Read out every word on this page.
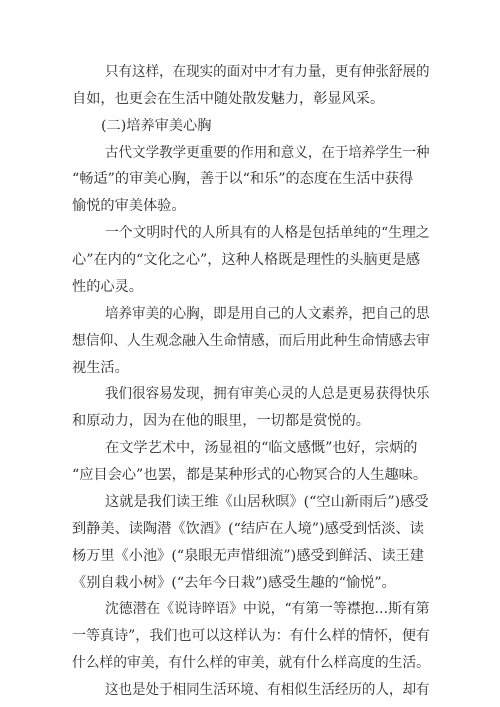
只有这样，在现实的面对中才有力量，更有伸张舒展的
自如，也更会在生活中随处散发魅力，彰显风采。
(二)培养审美心胸
古代文学教学更重要的作用和意义，在于培养学生一种
“畅适”的审美心胸，善于以“和乐”的态度在生活中获得
愉悦的审美体验。
一个文明时代的人所具有的人格是包括单纯的“生理之
心”在内的“文化之心”，这种人格既是理性的头脑更是感
性的心灵。
培养审美的心胸，即是用自己的人文素养，把自己的思
想信仰、人生观念融入生命情感，而后用此种生命情感去审
视生活。
我们很容易发现，拥有审美心灵的人总是更易获得快乐
和原动力，因为在他的眼里，一切都是赏悦的。
在文学艺术中，汤显祖的“临文感慨”也好，宗炳的
“应目会心”也罢，都是某种形式的心物冥合的人生趣味。
这就是我们读王维《山居秋暝》(“空山新雨后”)感受
到静美、读陶潜《饮酒》(“结庐在人境”)感受到恬淡、读
杨万里《小池》(“泉眼无声惜细流”)感受到鲜活、读王建
《别自栽小树》(“去年今日栽”)感受生趣的“愉悦”。
沈德潜在《说诗晬语》中说，“有第一等襟抱…斯有第
一等真诗”，我们也可以这样认为：有什么样的情怀，便有
什么样的审美，有什么样的审美，就有什么样高度的生活。
这也是处于相同生活环境、有相似生活经历的人，却有
